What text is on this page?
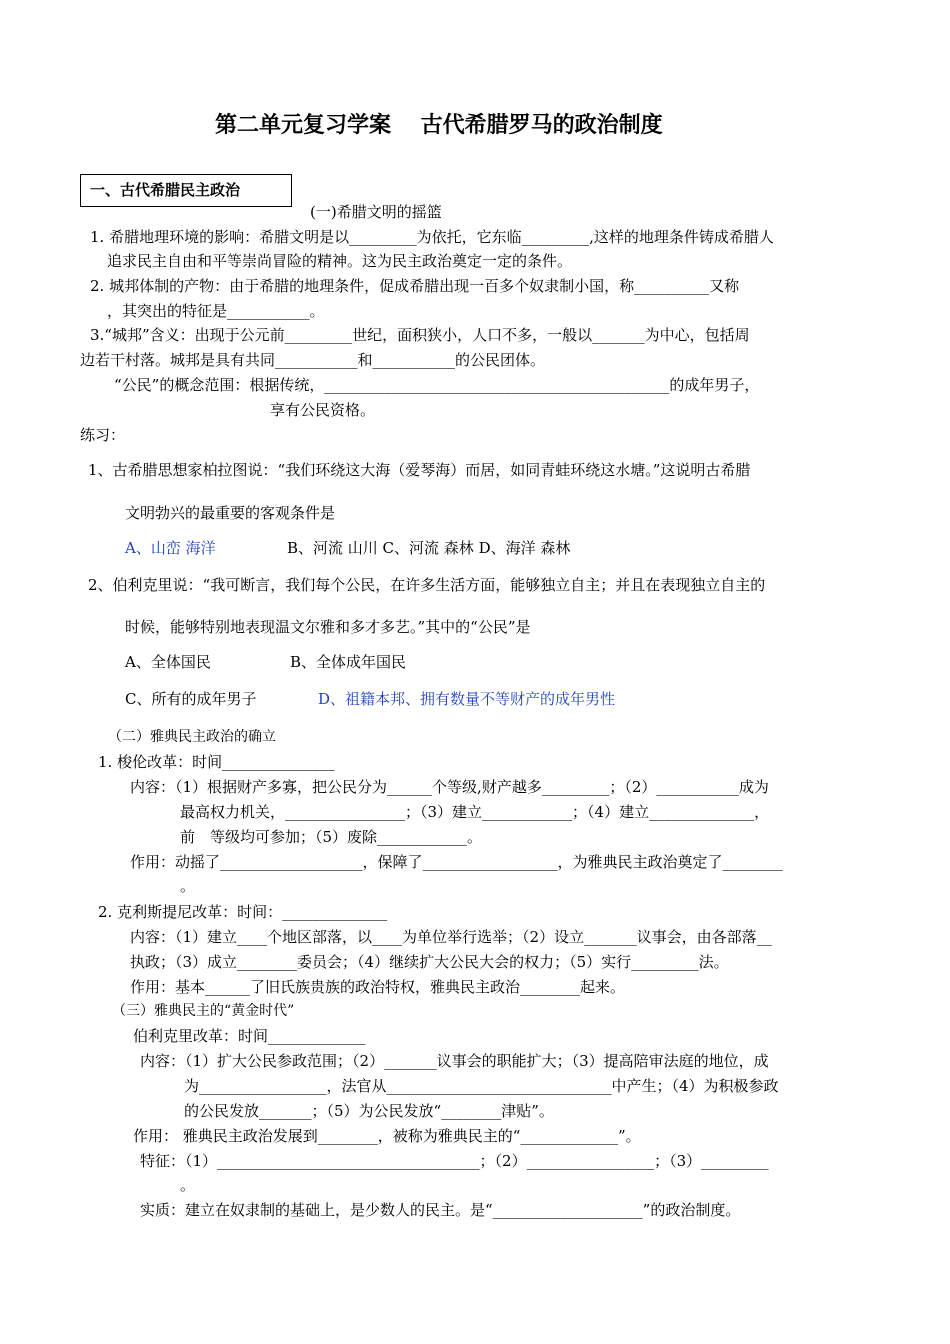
第二单元复习学案　 古代希腊罗马的政治制度
一、古代希腊民主政治
(一)希腊文明的摇篮
1. 希腊地理环境的影响：希腊文明是以_________为依托，它东临_________,这样的地理条件铸成希腊人
追求民主自由和平等崇尚冒险的精神。这为民主政治奠定一定的条件。
2. 城邦体制的产物：由于希腊的地理条件，促成希腊出现一百多个奴隶制小国，称__________又称
，其突出的特征是___________。
3.“城邦”含义：出现于公元前_________世纪，面积狭小，人口不多，一般以_______为中心，包括周
边若干村落。城邦是具有共同___________和___________的公民团体。
“公民”的概念范围：根据传统，______________________________________________的成年男子，
享有公民资格。
练习：
1、古希腊思想家柏拉图说：“我们环绕这大海（爱琴海）而居，如同青蛙环绕这水塘。”这说明古希腊
文明勃兴的最重要的客观条件是
A、山峦 海洋	B、河流 山川 C、河流 森林 D、海洋 森林
2、伯利克里说：“我可断言，我们每个公民，在许多生活方面，能够独立自主；并且在表现独立自主的
时候，能够特别地表现温文尔雅和多才多艺。”其中的“公民”是
A、全体国民	B、全体成年国民
C、所有的成年男子	D、祖籍本邦、拥有数量不等财产的成年男性
（二）雅典民主政治的确立
1. 梭伦改革：时间_______________
内容：（1）根据财产多寡，把公民分为______个等级,财产越多_________；（2）___________成为
最高权力机关，________________；（3）建立____________；（4）建立______________，
前　等级均可参加；（5）废除____________。
作用：动摇了___________________，保障了__________________，为雅典民主政治奠定了________
。
2. 克利斯提尼改革：时间：______________
内容：（1）建立____个地区部落，以____为单位举行选举；（2）设立_______议事会，由各部落__
执政；（3）成立________委员会；（4）继续扩大公民大会的权力；（5）实行_________法。
作用：基本______了旧氏族贵族的政治特权，雅典民主政治________起来。
（三）雅典民主的“黄金时代”
伯利克里改革：时间_____________
内容：（1）扩大公民参政范围；（2）_______议事会的职能扩大；（3）提高陪审法庭的地位，成
为_________________，法官从______________________________中产生；（4）为积极参政
的公民发放_______；（5）为公民发放“________津贴”。
作用： 雅典民主政治发展到________，被称为雅典民主的“_____________”。
特征：（1）___________________________________；（2）_________________；（3）_________
。
实质：建立在奴隶制的基础上，是少数人的民主。是“____________________”的政治制度。
